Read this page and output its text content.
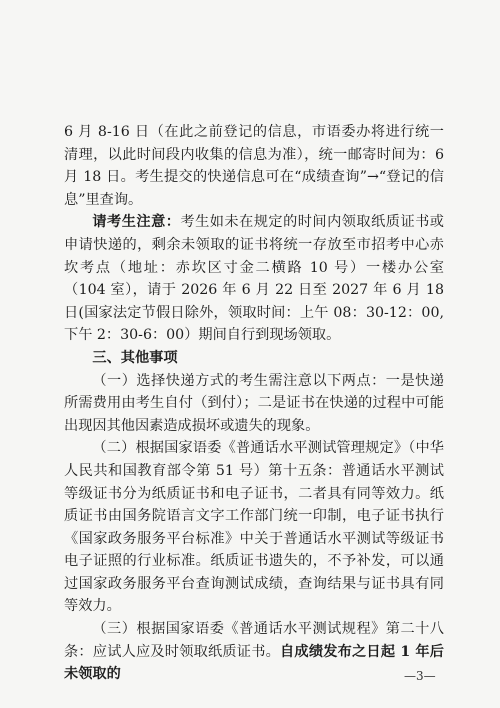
6 月 8-16 日（在此之前登记的信息，市语委办将进行统一清理，以此时间段内收集的信息为准），统一邮寄时间为：6 月 18 日。考生提交的快递信息可在“成绩查询”→“登记的信息”里查询。

请考生注意：考生如未在规定的时间内领取纸质证书或申请快递的，剩余未领取的证书将统一存放至市招考中心赤坎考点（地址：赤坎区寸金二横路 10 号）一楼办公室（104 室），请于 2026 年 6 月 22 日至 2027 年 6 月 18 日(国家法定节假日除外，领取时间：上午 08：30-12：00,下午 2：30-6：00）期间自行到现场领取。

三、其他事项

（一）选择快递方式的考生需注意以下两点：一是快递所需费用由考生自付（到付）；二是证书在快递的过程中可能出现因其他因素造成损坏或遗失的现象。

（二）根据国家语委《普通话水平测试管理规定》（中华人民共和国教育部令第 51 号）第十五条：普通话水平测试等级证书分为纸质证书和电子证书，二者具有同等效力。纸质证书由国务院语言文字工作部门统一印制，电子证书执行《国家政务服务平台标准》中关于普通话水平测试等级证书电子证照的行业标准。纸质证书遗失的，不予补发，可以通过国家政务服务平台查询测试成绩，查询结果与证书具有同等效力。

（三）根据国家语委《普通话水平测试规程》第二十八条：应试人应及时领取纸质证书。自成绩发布之日起 1 年后未领取的	—3—
